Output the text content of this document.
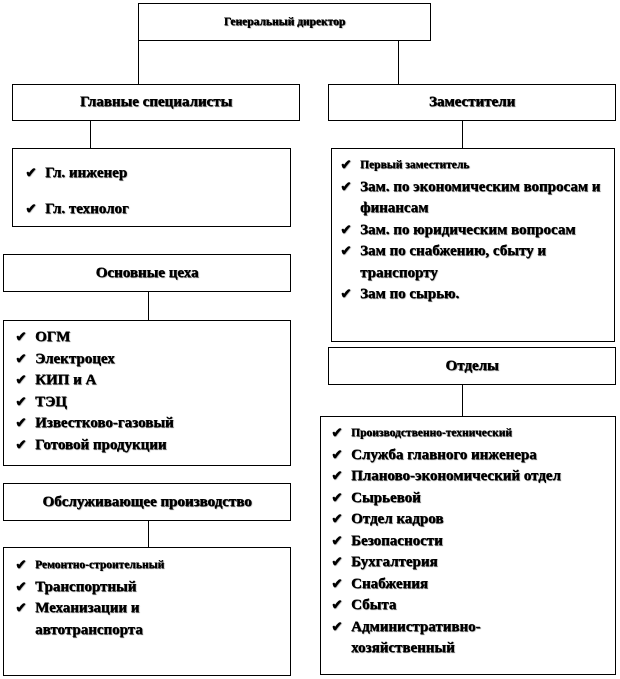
Генеральный директор
Главные специалисты
✔ Гл. инженер
✔ Гл. технолог
Заместители
✔ Первый заместитель
✔ Зам. по экономическим вопросам и финансам
✔ Зам. по юридическим вопросам
✔ Зам по снабжению, сбыту и транспорту
✔ Зам по сырью.
Основные цеха
✔ ОГМ
✔ Электроцех
✔ КИП и А
✔ ТЭЦ
✔ Известково-газовый
✔ Готовой продукции
Отделы
✔ Производственно-технический
✔ Служба главного инженера
✔ Планово-экономический отдел
✔ Сырьевой
✔ Отдел кадров
✔ Безопасности
✔ Бухгалтерия
✔ Снабжения
✔ Сбыта
✔ Административно-хозяйственный
Обслуживающее производство
✔ Ремонтно-строительный
✔ Транспортный
✔ Механизации и автотранспорта
